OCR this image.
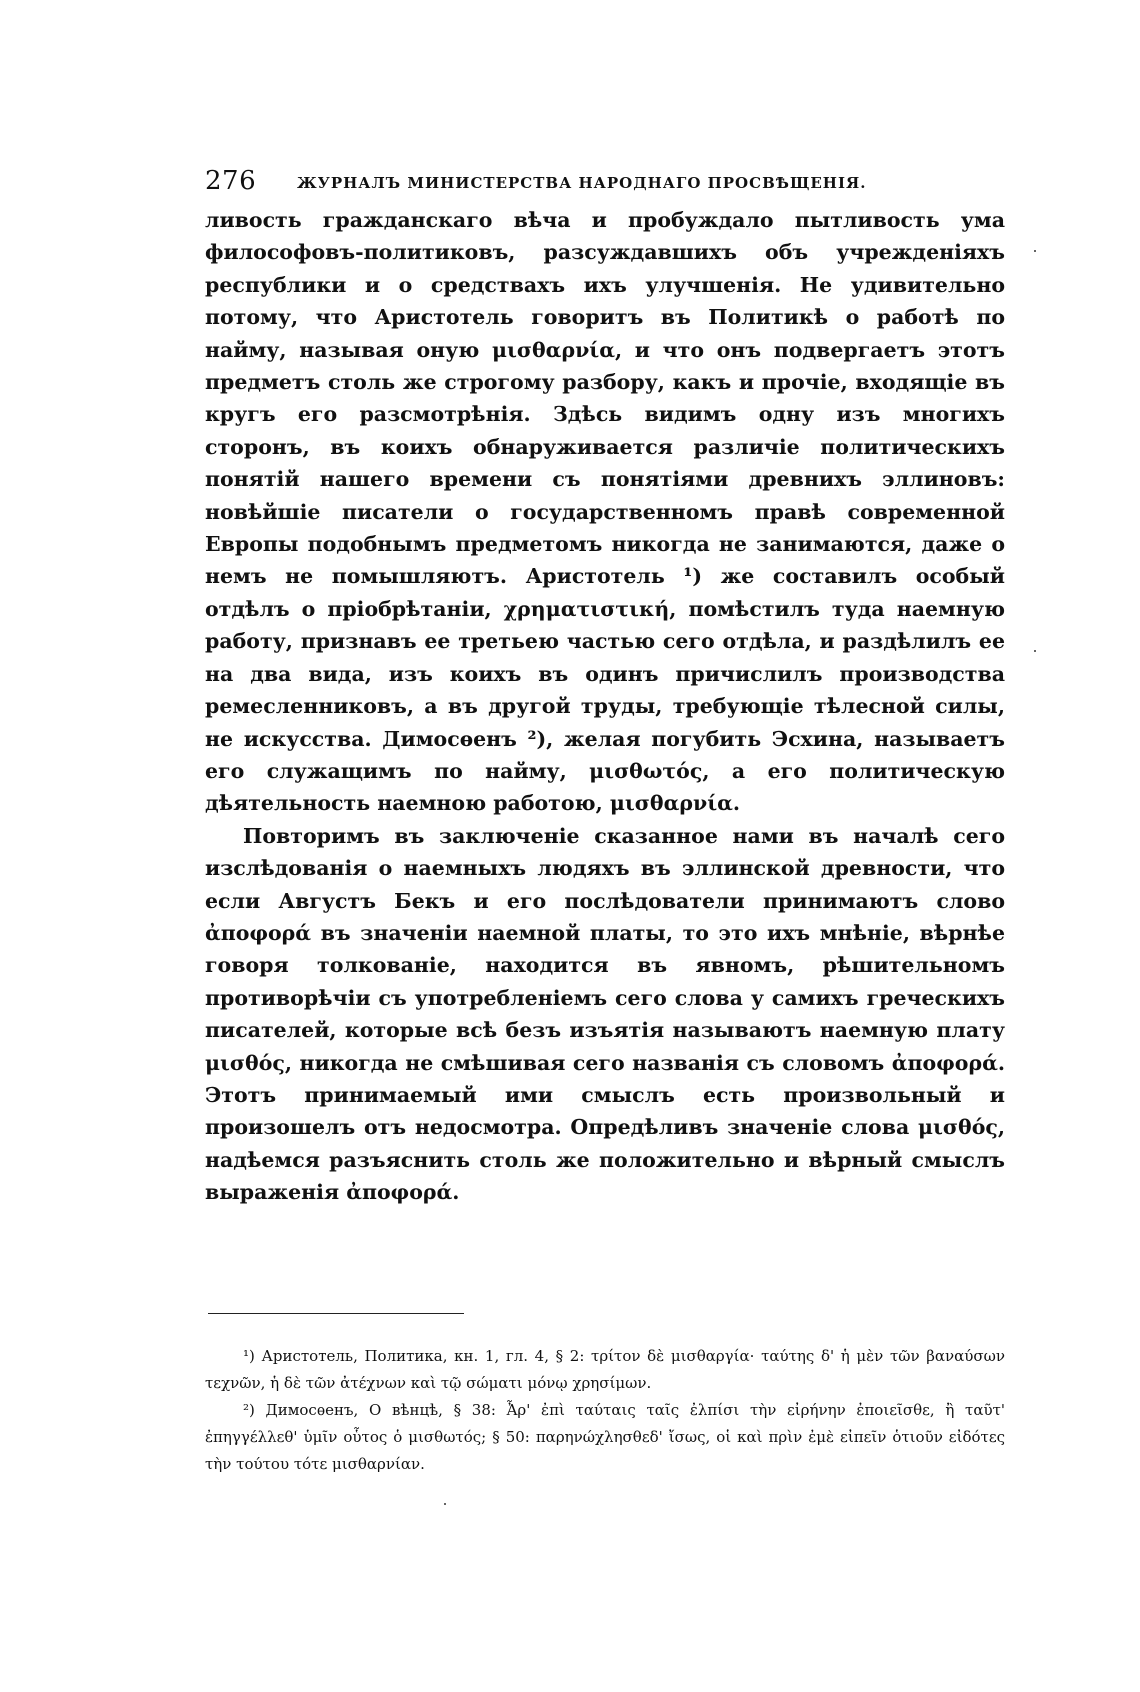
276	ЖУРНАЛЪ МИНИСТЕРСТВА НАРОДНАГО ПРОСВѢЩЕНІЯ.

ливость гражданскаго вѣча и пробуждало пытливость ума философовъ-политиковъ, разсуждавшихъ объ учрежденіяхъ республики и о средствахъ ихъ улучшенія. Не удивительно потому, что Аристотель говоритъ въ Политикѣ о работѣ по найму, называя оную μισθαρνία, и что онъ подвергаетъ этотъ предметъ столь же строгому разбору, какъ и прочіе, входящіе въ кругъ его разсмотрѣнія. Здѣсь видимъ одну изъ многихъ сторонъ, въ коихъ обнаруживается различіе политическихъ понятій нашего времени съ понятіями древнихъ эллиновъ: новѣйшіе писатели о государственномъ правѣ современной Европы подобнымъ предметомъ никогда не занимаются, даже о немъ не помышляютъ. Аристотель ¹) же составилъ особый отдѣлъ о пріобрѣтаніи, χρηματιστική, помѣстилъ туда наемную работу, признавъ ее третьею частью сего отдѣла, и раздѣлилъ ее на два вида, изъ коихъ въ одинъ причислилъ производства ремесленниковъ, а въ другой труды, требующіе тѣлесной силы, не искусства. Димосѳенъ ²), желая погубить Эсхина, называетъ его служащимъ по найму, μισθωτός, а его политическую дѣятельность наемною работою, μισθαρνία.

Повторимъ въ заключеніе сказанное нами въ началѣ сего изслѣдованія о наемныхъ людяхъ въ эллинской древности, что если Августъ Бекъ и его послѣдователи принимаютъ слово ἀποφορά въ значеніи наемной платы, то это ихъ мнѣніе, вѣрнѣе говоря толкованіе, находится въ явномъ, рѣшительномъ противорѣчіи съ употребленіемъ сего слова у самихъ греческихъ писателей, которые всѣ безъ изъятія называютъ наемную плату μισθός, никогда не смѣшивая сего названія съ словомъ ἀποφορά. Этотъ принимаемый ими смыслъ есть произвольный и произошелъ отъ недосмотра. Опредѣливъ значеніе слова μισθός, надѣемся разъяснить столь же положительно и вѣрный смыслъ выраженія ἀποφορά.

¹) Аристотель, Политика, кн. 1, гл. 4, § 2: τρίτον δὲ μισθαργία· ταύτης δ' ἡ μὲν τῶν βαναύσων τεχνῶν, ἡ δὲ τῶν ἀτέχνων καὶ τῷ σώματι μόνῳ χρησίμων.

²) Димосѳенъ, О вѣнцѣ, § 38: Ἆρ' ἐπὶ ταύταις ταῖς ἐλπίσι τὴν εἰρήνην ἐποιεῖσθε, ἢ ταῦτ' ἐπηγγέλλεθ' ὑμῖν οὗτος ὁ μισθωτός; § 50: παρηνώχλησθεδ' ἴσως, οἱ καὶ πρὶν ἐμὲ εἰπεῖν ὁτιοῦν εἰδότες τὴν τούτου τότε μισθαρνίαν.
